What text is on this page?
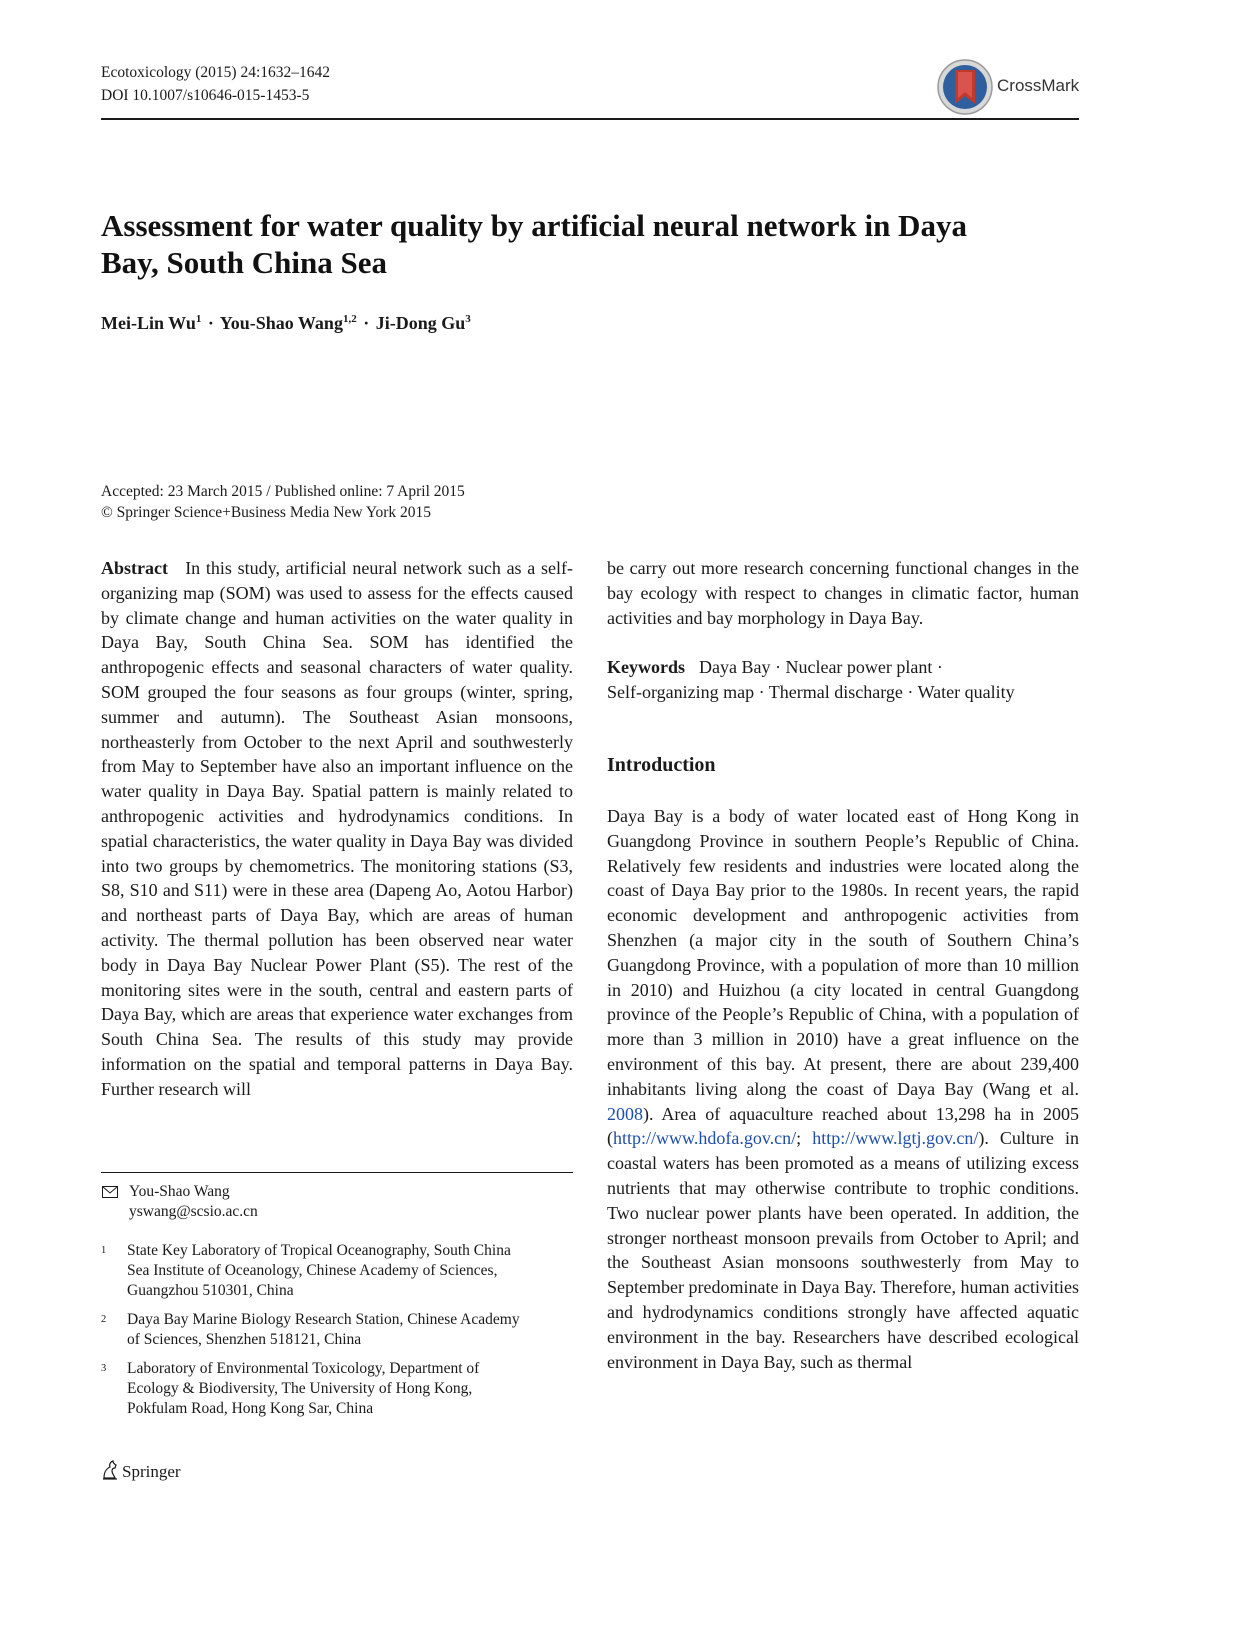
Ecotoxicology (2015) 24:1632–1642
DOI 10.1007/s10646-015-1453-5
CrossMark
Assessment for water quality by artificial neural network in Daya
Bay, South China Sea
Mei-Lin $Wu^1$ · You-Shao Wang$^{1,2}$ · Ji-Dong Gu$^3$
Accepted: 23 March 2015 / Published online: 7 April 2015
© Springer Science+Business Media New York 2015

Abstract In this study, artificial neural network such as a self-organizing map (SOM) was used to assess for the effects caused by climate change and human activities on the water quality in Daya Bay, South China Sea. SOM has identified the anthropogenic effects and seasonal characters of water quality. SOM grouped the four seasons as four groups (winter, spring, summer and autumn). The Southeast Asian monsoons, northeasterly from October to the next April and southwesterly from May to September have also an important influence on the water quality in Daya Bay. Spatial pattern is mainly related to anthropogenic activities and hydrodynamics conditions. In spatial characteristics, the water quality in Daya Bay was divided into two groups by chemometrics. The monitoring stations (S3, S8, S10 and S11) were in these area (Dapeng Ao, Aotou Harbor) and northeast parts of Daya Bay, which are areas of human activity. The thermal pollution has been observed near water body in Daya Bay Nuclear Power Plant (S5). The rest of the monitoring sites were in the south, central and eastern parts of Daya Bay, which are areas that experience water exchanges from South China Sea. The results of this study may provide information on the spatial and temporal patterns in Daya Bay. Further research will

You-Shao Wang
yswang@scsio.ac.cn
1 State Key Laboratory of Tropical Oceanography, South China Sea Institute of Oceanology, Chinese Academy of Sciences, Guangzhou 510301, China
2 Daya Bay Marine Biology Research Station, Chinese Academy of Sciences, Shenzhen 518121, China
3 Laboratory of Environmental Toxicology, Department of Ecology & Biodiversity, The University of Hong Kong, Pokfulam Road, Hong Kong Sar, China
Springer

be carry out more research concerning functional changes in the bay ecology with respect to changes in climatic factor, human activities and bay morphology in Daya Bay.

Keywords Daya Bay · Nuclear power plant ·
Self-organizing map · Thermal discharge · Water quality
Introduction

Daya Bay is a body of water located east of Hong Kong in Guangdong Province in southern People’s Republic of China. Relatively few residents and industries were located along the coast of Daya Bay prior to the 1980s. In recent years, the rapid economic development and anthropogenic activities from Shenzhen (a major city in the south of Southern China’s Guangdong Province, with a population of more than 10 million in 2010) and Huizhou (a city located in central Guangdong province of the People’s Republic of China, with a population of more than 3 million in 2010) have a great influence on the environment of this bay. At present, there are about 239,400 inhabitants living along the coast of Daya Bay (Wang et al. 2008). Area of aquaculture reached about 13,298 ha in 2005 (http://www.hdofa.gov.cn/; http://www.lgtj.gov.cn/). Culture in coastal waters has been promoted as a means of utilizing excess nutrients that may otherwise contribute to trophic conditions. Two nuclear power plants have been operated. In addition, the stronger northeast monsoon prevails from October to April; and the Southeast Asian monsoons southwesterly from May to September predominate in Daya Bay. Therefore, human activities and hydrodynamics conditions strongly have affected aquatic environment in the bay. Researchers have described ecological environment in Daya Bay, such as thermal
